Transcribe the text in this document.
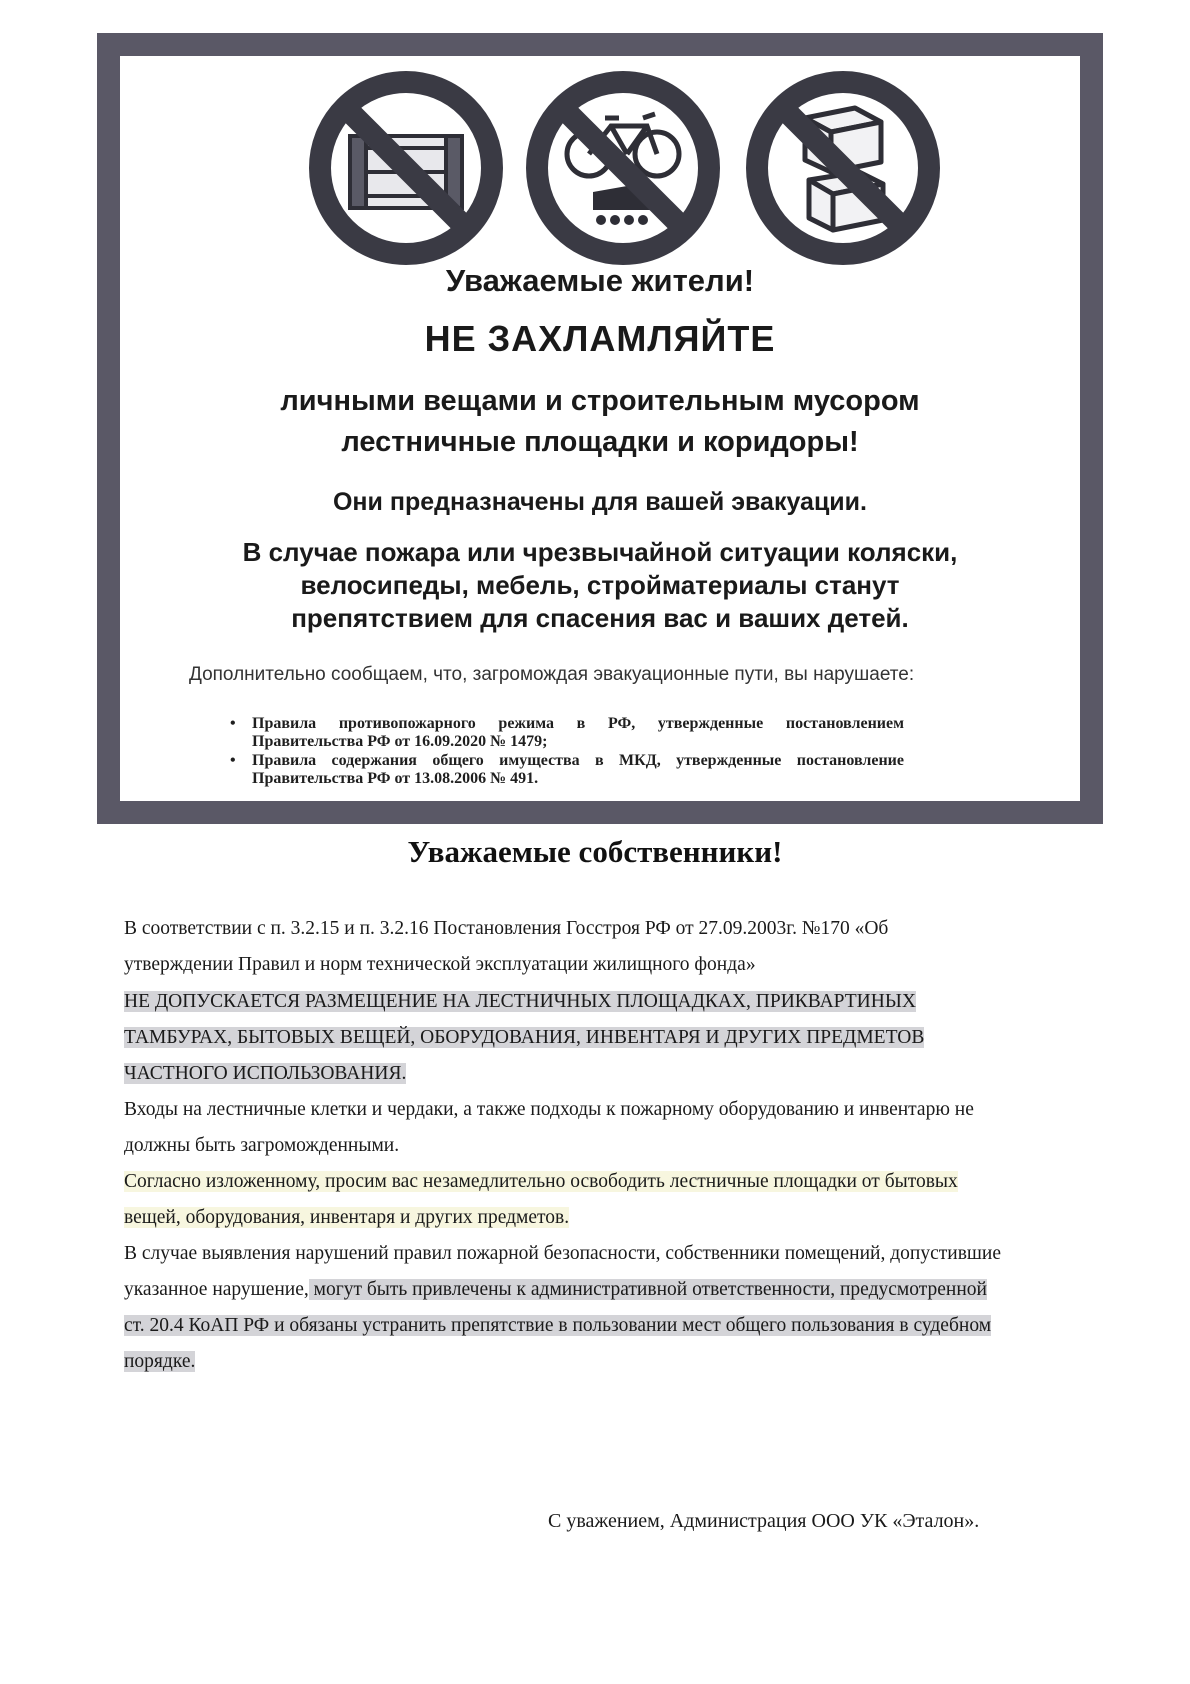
Уважаемые жители!
НЕ ЗАХЛАМЛЯЙТЕ
личными вещами и строительным мусором
лестничные площадки и коридоры!
Они предназначены для вашей эвакуации.
В случае пожара или чрезвычайной ситуации коляски,
велосипеды, мебель, стройматериалы станут
препятствием для спасения вас и ваших детей.
Дополнительно сообщаем, что, загромождая эвакуационные пути, вы нарушаете:
• Правила противопожарного режима в РФ, утвержденные постановлением Правительства РФ от 16.09.2020 № 1479;
• Правила содержания общего имущества в МКД, утвержденные постановление Правительства РФ от 13.08.2006 № 491.
Уважаемые собственники!
В соответствии с п. 3.2.15 и п. 3.2.16 Постановления Госстроя РФ от 27.09.2003г. №170 «Об
утверждении Правил и норм технической эксплуатации жилищного фонда»
НЕ ДОПУСКАЕТСЯ РАЗМЕЩЕНИЕ НА ЛЕСТНИЧНЫХ ПЛОЩАДКАХ, ПРИКВАРТИНЫХ
ТАМБУРАХ, БЫТОВЫХ ВЕЩЕЙ, ОБОРУДОВАНИЯ, ИНВЕНТАРЯ И ДРУГИХ ПРЕДМЕТОВ
ЧАСТНОГО ИСПОЛЬЗОВАНИЯ.
Входы на лестничные клетки и чердаки, а также подходы к пожарному оборудованию и инвентарю не
должны быть загроможденными.
Согласно изложенному, просим вас незамедлительно освободить лестничные площадки от бытовых
вещей, оборудования, инвентаря и других предметов.
В случае выявления нарушений правил пожарной безопасности, собственники помещений, допустившие
указанное нарушение, могут быть привлечены к административной ответственности, предусмотренной
ст. 20.4 КоАП РФ и обязаны устранить препятствие в пользовании мест общего пользования в судебном
порядке.
С уважением, Администрация ООО УК «Эталон».
